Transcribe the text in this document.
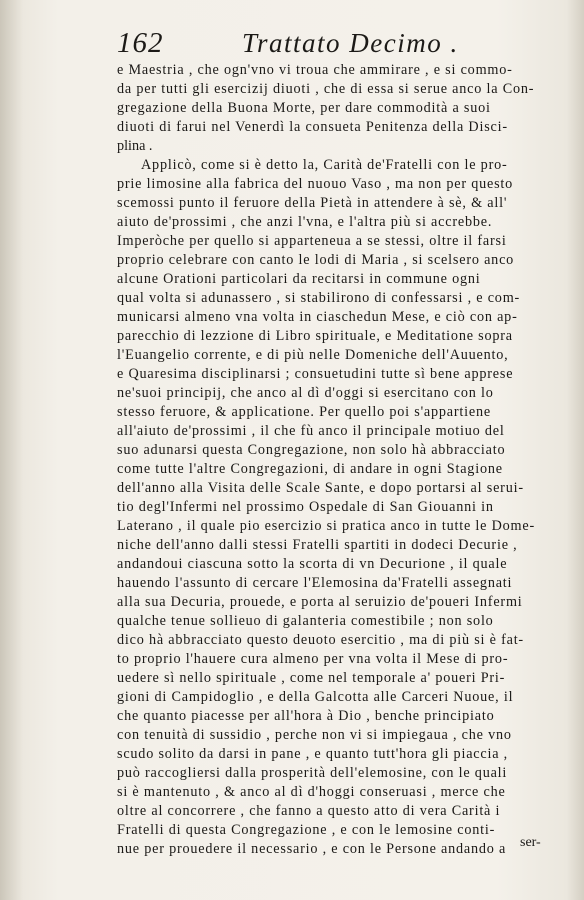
162	Trattato Decimo .
e Maestria , che ogn'vno vi troua che ammirare , e si commo-
da per tutti gli esercizij diuoti , che di essa si serue anco la Con-
gregazione della Buona Morte, per dare commodità a suoi
diuoti di farui nel Venerdì la consueta Penitenza della Disci-
plina .
Applicò, come si è detto la, Carità de'Fratelli con le pro-
prie limosine alla fabrica del nuouo Vaso , ma non per questo
scemossi punto il feruore della Pietà in attendere à sè, & all'
aiuto de'prossimi , che anzi l'vna, e l'altra più si accrebbe.
Imperòche per quello si apparteneua a se stessi, oltre il farsi
proprio celebrare con canto le lodi di Maria , si scelsero anco
alcune Orationi particolari da recitarsi in commune ogni
qual volta si adunassero , si stabilirono di confessarsi , e com-
municarsi almeno vna volta in ciaschedun Mese, e ciò con ap-
parecchio di lezzione di Libro spirituale, e Meditatione sopra
l'Euangelio corrente, e di più nelle Domeniche dell'Auuento,
e Quaresima disciplinarsi ; consuetudini tutte sì bene apprese
ne'suoi principij, che anco al dì d'oggi si esercitano con lo
stesso feruore, & applicatione. Per quello poi s'appartiene
all'aiuto de'prossimi , il che fù anco il principale motiuo del
suo adunarsi questa Congregazione, non solo hà abbracciato
come tutte l'altre Congregazioni, di andare in ogni Stagione
dell'anno alla Visita delle Scale Sante, e dopo portarsi al serui-
tio degl'Infermi nel prossimo Ospedale di San Giouanni in
Laterano , il quale pio esercizio si pratica anco in tutte le Dome-
niche dell'anno dalli stessi Fratelli spartiti in dodeci Decurie ,
andandoui ciascuna sotto la scorta di vn Decurione , il quale
hauendo l'assunto di cercare l'Elemosina da'Fratelli assegnati
alla sua Decuria, prouede, e porta al seruizio de'poueri Infermi
qualche tenue sollieuo di galanteria comestibile ; non solo
dico hà abbracciato questo deuoto esercitio , ma di più si è fat-
to proprio l'hauere cura almeno per vna volta il Mese di pro-
uedere sì nello spirituale , come nel temporale a' poueri Pri-
gioni di Campidoglio , e della Galcotta alle Carceri Nuoue, il
che quanto piacesse per all'hora à Dio , benche principiato
con tenuità di sussidio , perche non vi si impiegaua , che vno
scudo solito da darsi in pane , e quanto tutt'hora gli piaccia ,
può raccogliersi dalla prosperità dell'elemosine, con le quali
si è mantenuto , & anco al dì d'hoggi conseruasi , merce che
oltre al concorrere , che fanno a questo atto di vera Carità i
Fratelli di questa Congregazione , e con le lemosine conti-
nue per prouedere il necessario , e con le Persone andando a ser-
